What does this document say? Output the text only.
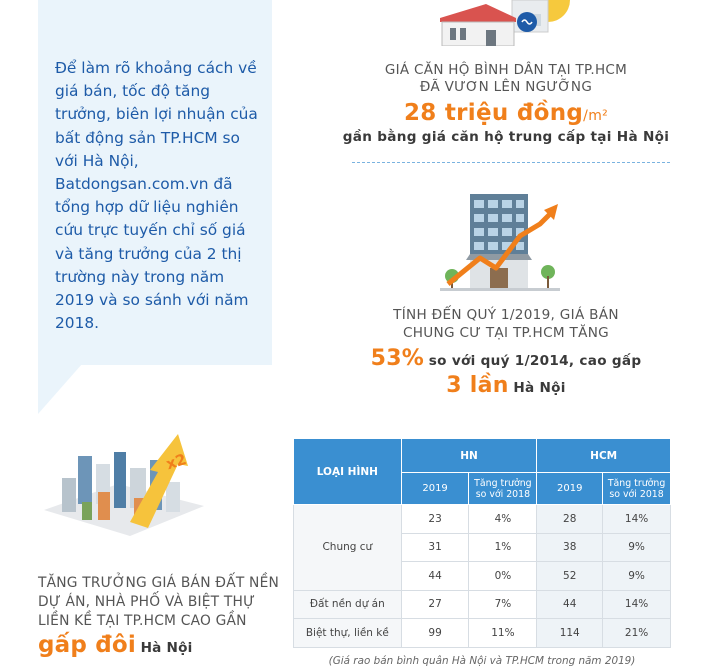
Để làm rõ khoảng cách về giá bán, tốc độ tăng trưởng, biên lợi nhuận của bất động sản TP.HCM so với Hà Nội, Batdongsan.com.vn đã tổng hợp dữ liệu nghiên cứu trực tuyến chỉ số giá và tăng trưởng của 2 thị trường này trong năm 2019 và so sánh với năm 2018.
GIÁ CĂN HỘ BÌNH DÂN TẠI TP.HCM
ĐÃ VƯƠN LÊN NGƯỠNG
28 triệu đồng/m²
gần bằng giá căn hộ trung cấp tại Hà Nội
TÍNH ĐẾN QUÝ 1/2019, GIÁ BÁN
CHUNG CƯ TẠI TP.HCM TĂNG
53% so với quý 1/2014, cao gấp
3 lần Hà Nội
x2
TĂNG TRƯỞNG GIÁ BÁN ĐẤT NỀN
DỰ ÁN, NHÀ PHỐ VÀ BIỆT THỰ
LIỀN KỀ TẠI TP.HCM CAO GẦN
gấp đôi Hà Nội
LOẠI HÌNH	HN		HCM	
	2019	Tăng trưởng so với 2018	2019	Tăng trưởng so với 2018
Chung cư	23	4%	28	14%
	31	1%	38	9%
	44	0%	52	9%
Đất nền dự án	27	7%	44	14%
Biệt thự, liền kề	99	11%	114	21%
(Giá rao bán bình quân Hà Nội và TP.HCM trong năm 2019)
